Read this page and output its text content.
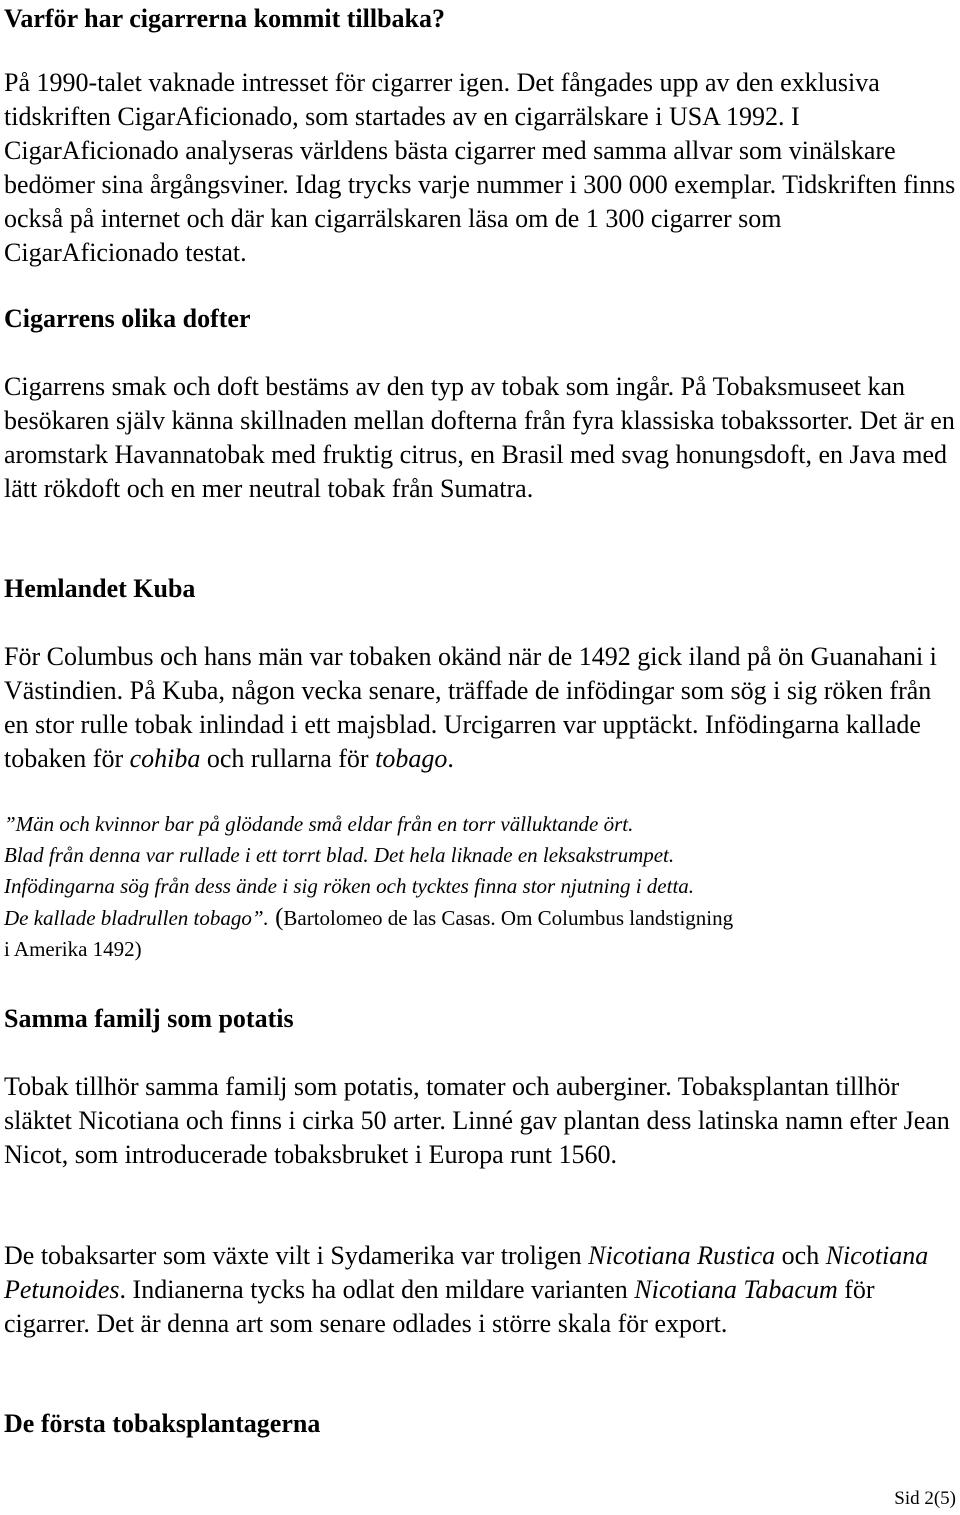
Varför har cigarrerna kommit tillbaka?

På 1990-talet vaknade intresset för cigarrer igen. Det fångades upp av den exklusiva tidskriften CigarAficionado, som startades av en cigarrälskare i USA 1992. I CigarAficionado analyseras världens bästa cigarrer med samma allvar som vinälskare bedömer sina årgångsviner. Idag trycks varje nummer i 300 000 exemplar. Tidskriften finns också på internet och där kan cigarrälskaren läsa om de 1 300 cigarrer som CigarAficionado testat.

Cigarrens olika dofter

Cigarrens smak och doft bestäms av den typ av tobak som ingår. På Tobaksmuseet kan besökaren själv känna skillnaden mellan dofterna från fyra klassiska tobakssorter. Det är en aromstark Havannatobak med fruktig citrus, en Brasil med svag honungsdoft, en Java med lätt rökdoft och en mer neutral tobak från Sumatra.

Hemlandet Kuba

För Columbus och hans män var tobaken okänd när de 1492 gick iland på ön Guanahani i Västindien. På Kuba, någon vecka senare, träffade de infödingar som sög i sig röken från en stor rulle tobak inlindad i ett majsblad. Urcigarren var upptäckt. Infödingarna kallade tobaken för cohiba och rullarna för tobago.

”Män och kvinnor bar på glödande små eldar från en torr välluktande ört.
Blad från denna var rullade i ett torrt blad. Det hela liknade en leksakstrumpet.
Infödingarna sög från dess ände i sig röken och tycktes finna stor njutning i detta.
De kallade bladrullen tobago”. (Bartolomeo de las Casas. Om Columbus landstigning
i Amerika 1492)
Samma familj som potatis

Tobak tillhör samma familj som potatis, tomater och auberginer. Tobaksplantan tillhör släktet Nicotiana och finns i cirka 50 arter. Linné gav plantan dess latinska namn efter Jean Nicot, som introducerade tobaksbruket i Europa runt 1560.

De tobaksarter som växte vilt i Sydamerika var troligen Nicotiana Rustica och Nicotiana Petunoides. Indianerna tycks ha odlat den mildare varianten Nicotiana Tabacum för cigarrer. Det är denna art som senare odlades i större skala för export.

De första tobaksplantagerna
Sid 2(5)
